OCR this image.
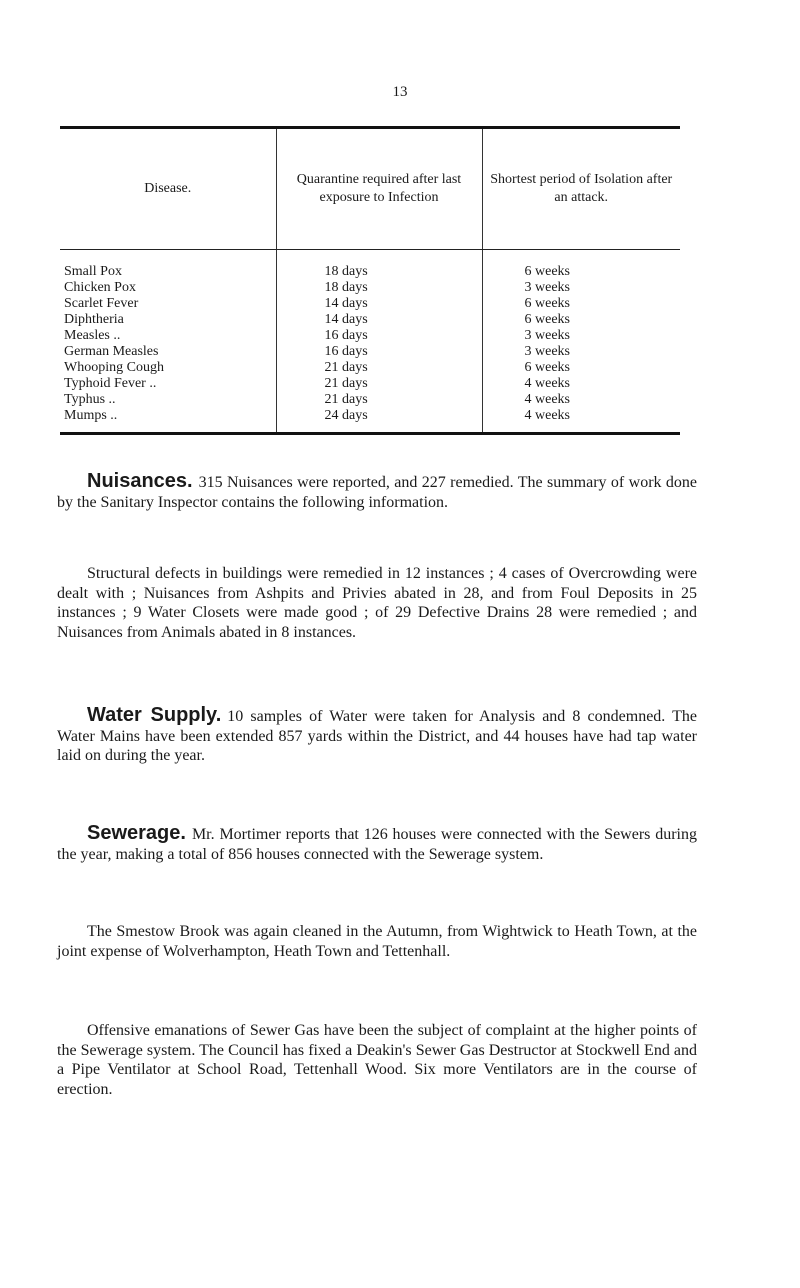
13
Disease.	Quarantine required after last exposure to Infection	Shortest period of Isolation after an attack.
Small Pox	18 days	6 weeks
Chicken Pox	18 days	3 weeks
Scarlet Fever	14 days	6 weeks
Diphtheria	14 days	6 weeks
Measles ..	16 days	3 weeks
German Measles	16 days	3 weeks
Whooping Cough	21 days	6 weeks
Typhoid Fever ..	21 days	4 weeks
Typhus ..	21 days	4 weeks
Mumps ..	24 days	4 weeks

Nuisances. 315 Nuisances were reported, and 227 remedied. The summary of work done by the Sanitary Inspector contains the following information.

Structural defects in buildings were remedied in 12 instances ; 4 cases of Overcrowding were dealt with ; Nuisances from Ashpits and Privies abated in 28, and from Foul Deposits in 25 instances ; 9 Water Closets were made good ; of 29 Defective Drains 28 were remedied ; and Nuisances from Animals abated in 8 instances.

Water Supply. 10 samples of Water were taken for Analysis and 8 condemned. The Water Mains have been extended 857 yards within the District, and 44 houses have had tap water laid on during the year.

Sewerage. Mr. Mortimer reports that 126 houses were connected with the Sewers during the year, making a total of 856 houses connected with the Sewerage system.

The Smestow Brook was again cleaned in the Autumn, from Wightwick to Heath Town, at the joint expense of Wolverhampton, Heath Town and Tettenhall.

Offensive emanations of Sewer Gas have been the subject of complaint at the higher points of the Sewerage system. The Council has fixed a Deakin's Sewer Gas Destructor at Stockwell End and a Pipe Ventilator at School Road, Tettenhall Wood. Six more Ventilators are in the course of erection.
